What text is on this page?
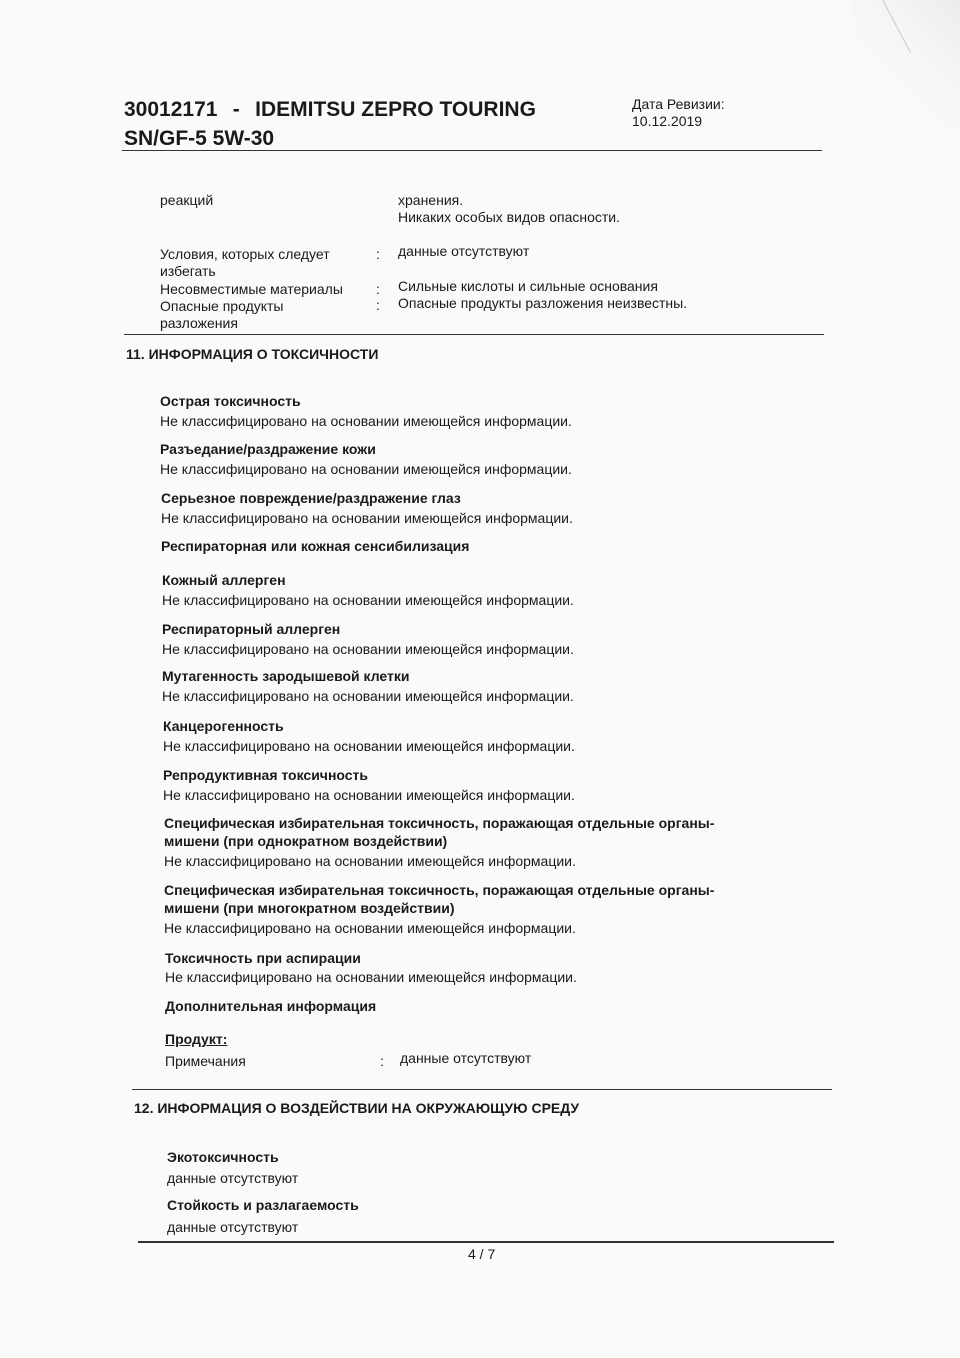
30012171 - IDEMITSU ZEPRO TOURING
SN/GF-5 5W-30
Дата Ревизии:
10.12.2019
реакций	хранения.
Никаких особых видов опасности.
Условия, которых следует
избегать
: данные отсутствуют
Несовместимые материалы : Сильные кислоты и сильные основания
Опасные продукты
разложения
: Опасные продукты разложения неизвестны.
11. ИНФОРМАЦИЯ О ТОКСИЧНОСТИ
Острая токсичность
Не классифицировано на основании имеющейся информации.
Разъедание/раздражение кожи
Не классифицировано на основании имеющейся информации.
Серьезное повреждение/раздражение глаз
Не классифицировано на основании имеющейся информации.
Респираторная или кожная сенсибилизация
Кожный аллерген
Не классифицировано на основании имеющейся информации.
Респираторный аллерген
Не классифицировано на основании имеющейся информации.
Мутагенность зародышевой клетки
Не классифицировано на основании имеющейся информации.
Канцерогенность
Не классифицировано на основании имеющейся информации.
Репродуктивная токсичность
Не классифицировано на основании имеющейся информации.
Специфическая избирательная токсичность, поражающая отдельные органы-
мишени (при однократном воздействии)
Не классифицировано на основании имеющейся информации.
Специфическая избирательная токсичность, поражающая отдельные органы-
мишени (при многократном воздействии)
Не классифицировано на основании имеющейся информации.
Токсичность при аспирации
Не классифицировано на основании имеющейся информации.
Дополнительная информация
Продукт:
Примечания	: данные отсутствуют
12. ИНФОРМАЦИЯ О ВОЗДЕЙСТВИИ НА ОКРУЖАЮЩУЮ СРЕДУ
Экотоксичность
данные отсутствуют
Стойкость и разлагаемость
данные отсутствуют
4 / 7
